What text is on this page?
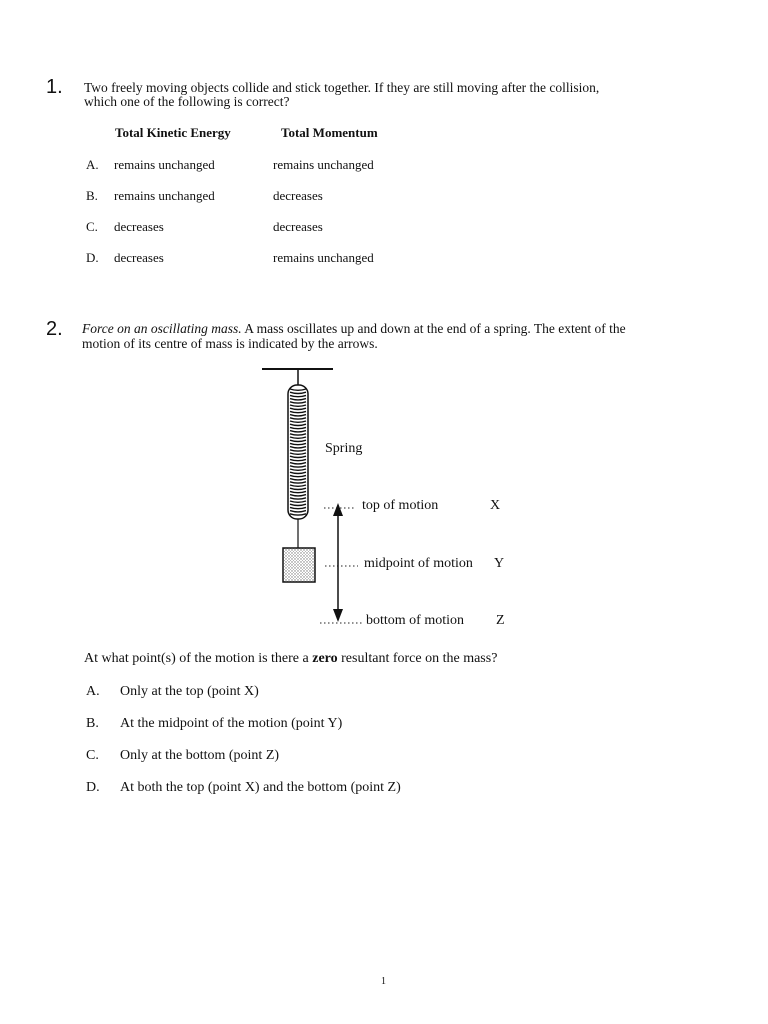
1. Two freely moving objects collide and stick together. If they are still moving after the collision,
which one of the following is correct?
Total Kinetic Energy	Total Momentum
A. remains unchanged	remains unchanged
B. remains unchanged	decreases
C. decreases	decreases
D. decreases	remains unchanged
2. Force on an oscillating mass. A mass oscillates up and down at the end of a spring. The extent of the
motion of its centre of mass is indicated by the arrows.
Spring
top of motion	X
midpoint of motion Y
bottom of motion Z
At what point(s) of the motion is there a zero resultant force on the mass?
A. Only at the top (point X)
B. At the midpoint of the motion (point Y)
C. Only at the bottom (point Z)
D. At both the top (point X) and the bottom (point Z)
1
